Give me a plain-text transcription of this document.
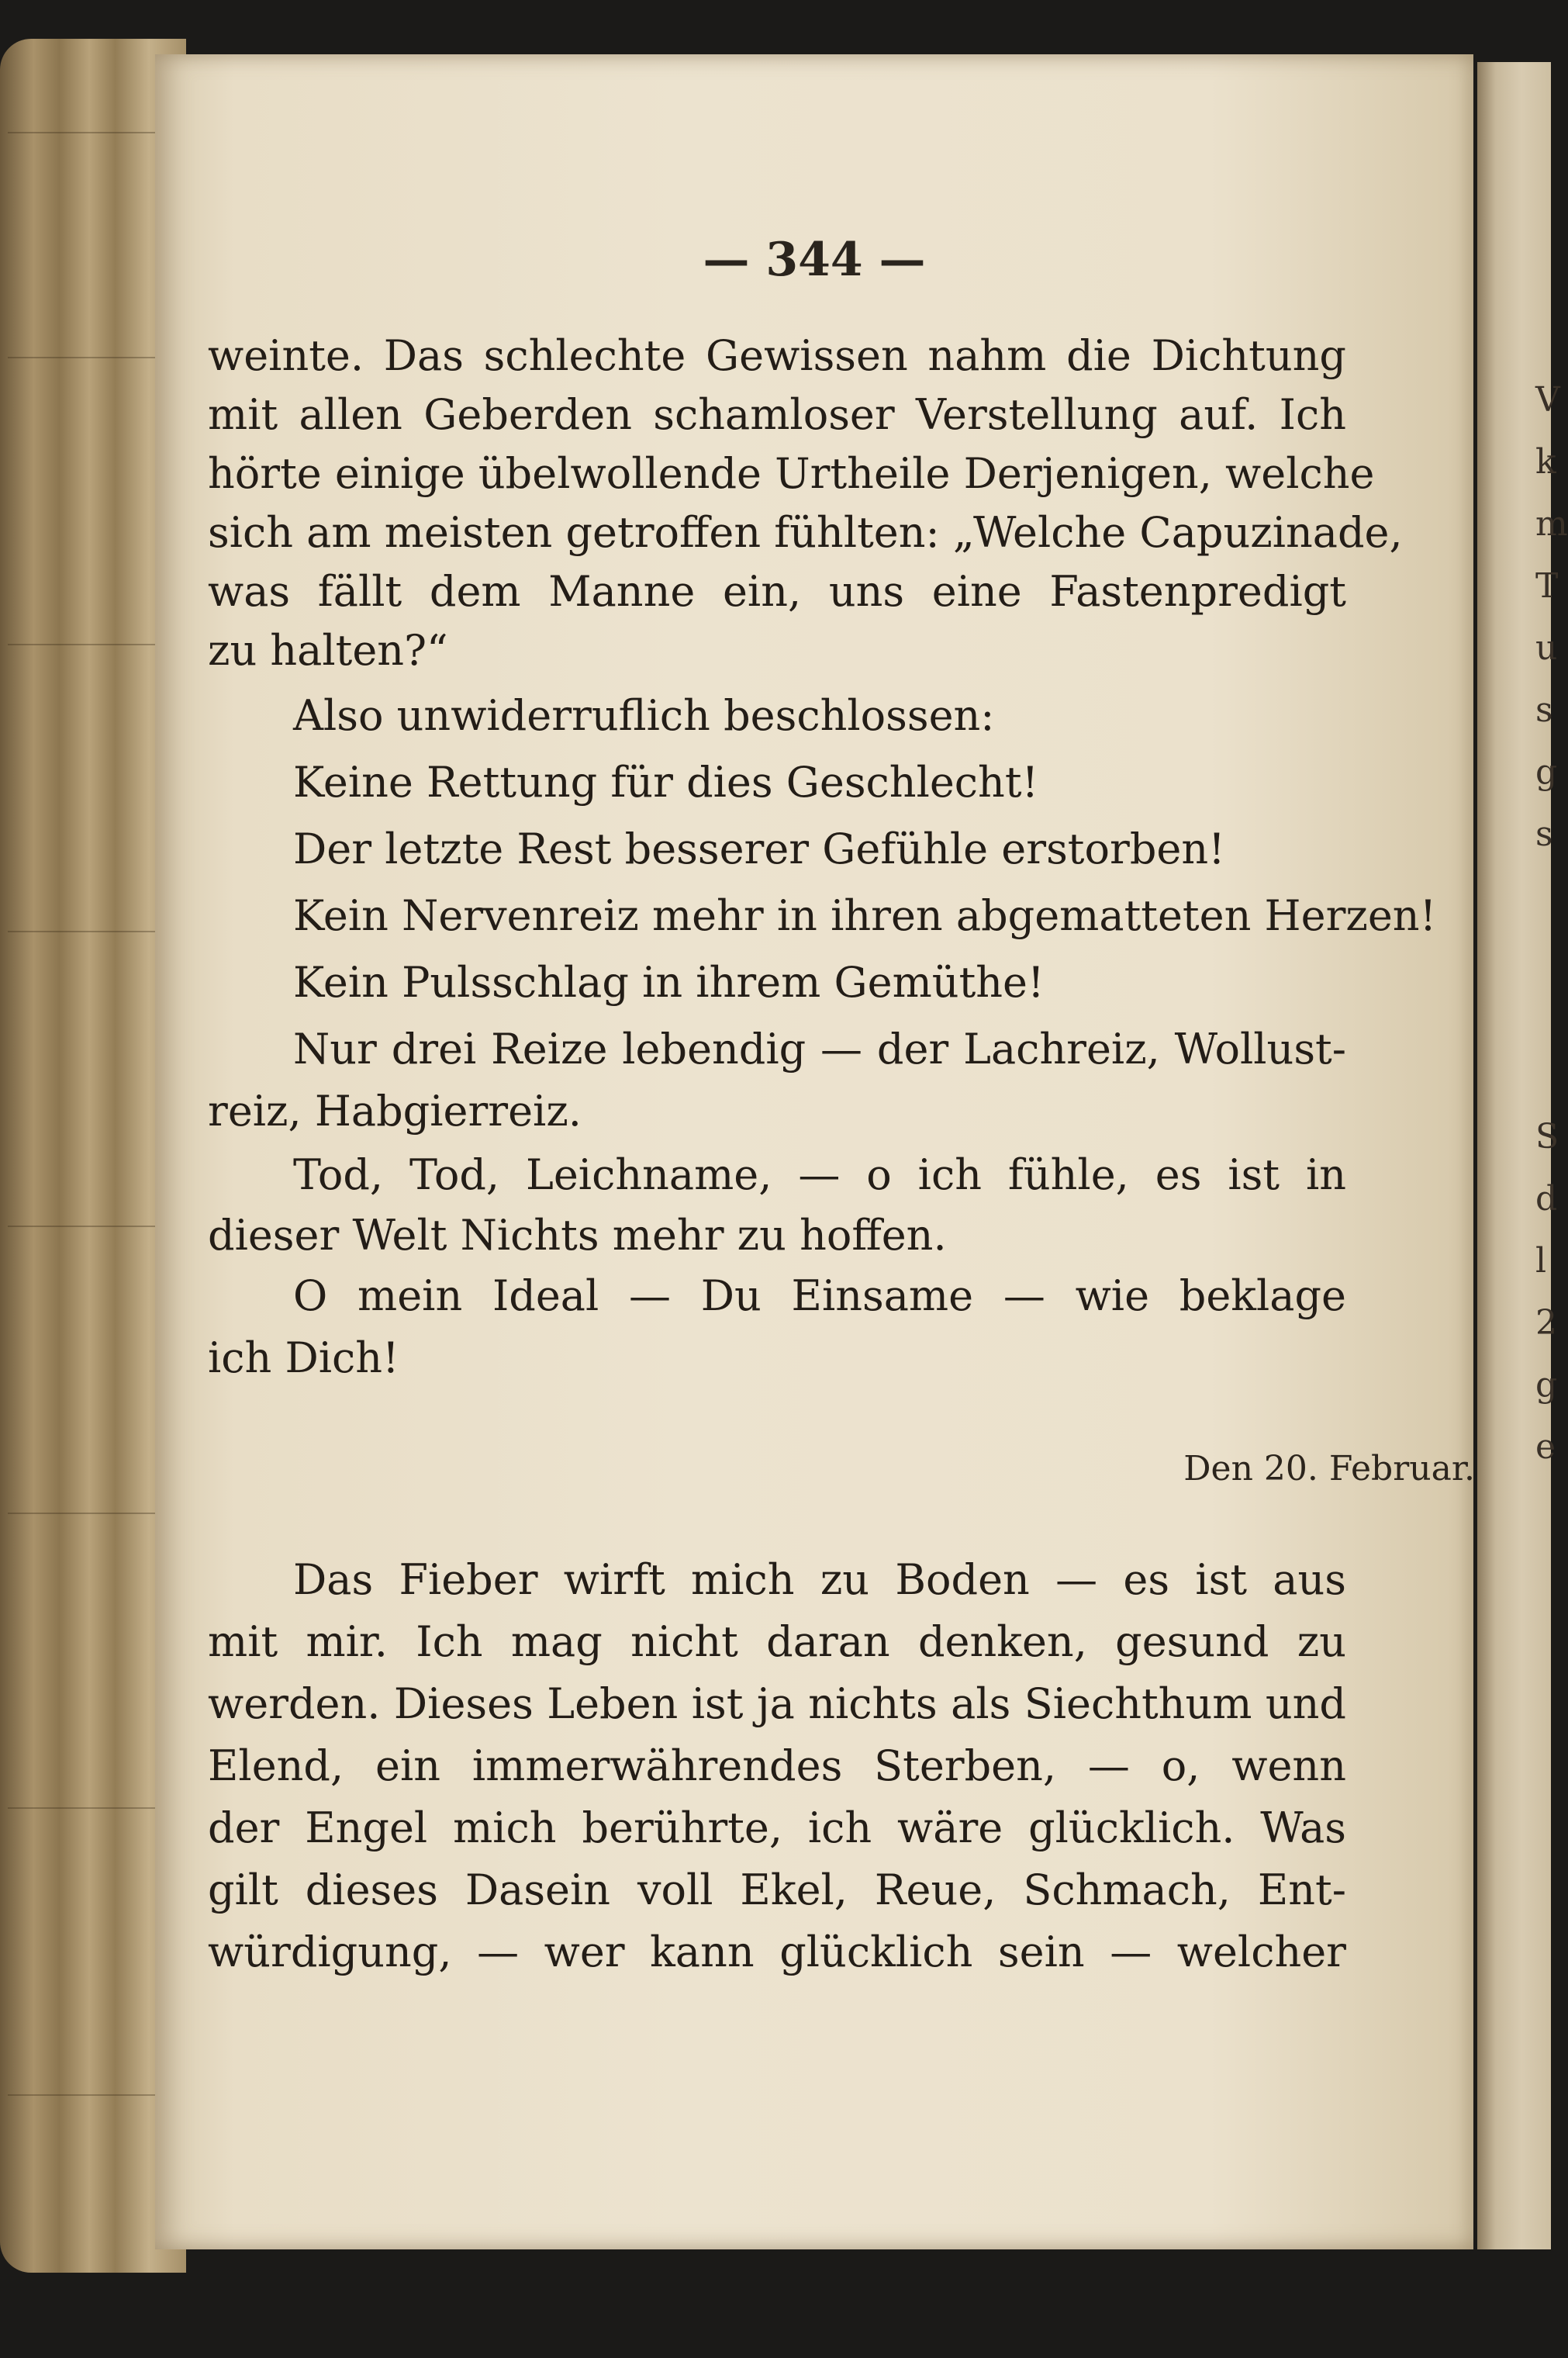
V
k
m
T
u
s
g
s
S
d
l
2
g
e
— 344 —
weinte. Das schlechte Gewissen nahm die Dichtung
mit allen Geberden schamloser Verstellung auf. Ich
hörte einige übelwollende Urtheile Derjenigen, welche
sich am meisten getroffen fühlten: „Welche Capuzinade,
was fällt dem Manne ein, uns eine Fastenpredigt
zu halten?“
Also unwiderruflich beschlossen:
Keine Rettung für dies Geschlecht!
Der letzte Rest besserer Gefühle erstorben!
Kein Nervenreiz mehr in ihren abgematteten Herzen!
Kein Pulsschlag in ihrem Gemüthe!
Nur drei Reize lebendig — der Lachreiz, Wollust-
reiz, Habgierreiz.
Tod, Tod, Leichname, — o ich fühle, es ist in
dieser Welt Nichts mehr zu hoffen.
O mein Ideal — Du Einsame — wie beklage
ich Dich!
Den 20. Februar.
Das Fieber wirft mich zu Boden — es ist aus
mit mir. Ich mag nicht daran denken, gesund zu
werden. Dieses Leben ist ja nichts als Siechthum und
Elend, ein immerwährendes Sterben, — o, wenn
der Engel mich berührte, ich wäre glücklich. Was
gilt dieses Dasein voll Ekel, Reue, Schmach, Ent-
würdigung, — wer kann glücklich sein — welcher
